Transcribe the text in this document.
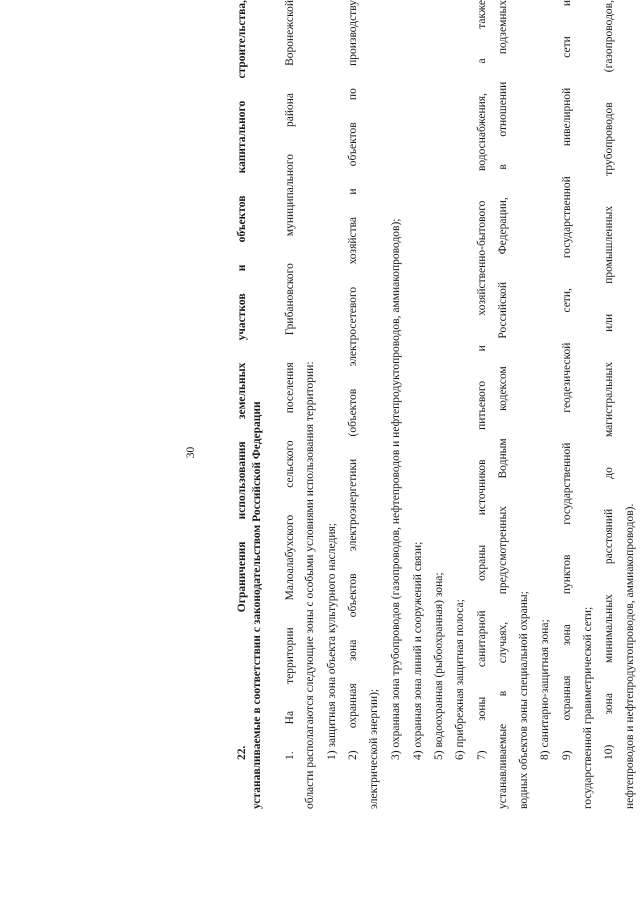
30
22.      Ограничения использования земельных участков и объектов капитального строительства, устанавливаемые в соответствии с законодательством Российской Федерации 1. На территории Малоалабухского сельского поселения Грибановского муниципального района Воронежской области располагаются следующие зоны с особыми условиями использования территории: 1) защитная зона объекта культурного наследия; 2) охранная зона объектов электроэнергетики (объектов электросетевого хозяйства и объектов по производству электрической энергии); 3) охранная зона трубопроводов (газопроводов, нефтепроводов и нефтепродуктопроводов, аммиакопроводов); 4) охранная зона линий и сооружений связи; 5) водоохранная (рыбоохранная) зона; 6) прибрежная защитная полоса; 7) зоны санитарной охраны источников питьевого и хозяйственно-бытового водоснабжения, а также устанавливаемые в случаях, предусмотренных Водным кодексом Российской Федерации, в отношении подземных водных объектов зоны специальной охраны; 8) санитарно-защитная зона; 9) охранная зона пунктов государственной геодезической сети, государственной нивелирной сети и государственной гравиметрической сети; 10) зона минимальных расстояний до магистральных или промышленных трубопроводов (газопроводов, нефтепроводов и нефтепродуктопроводов, аммиакопроводов).
